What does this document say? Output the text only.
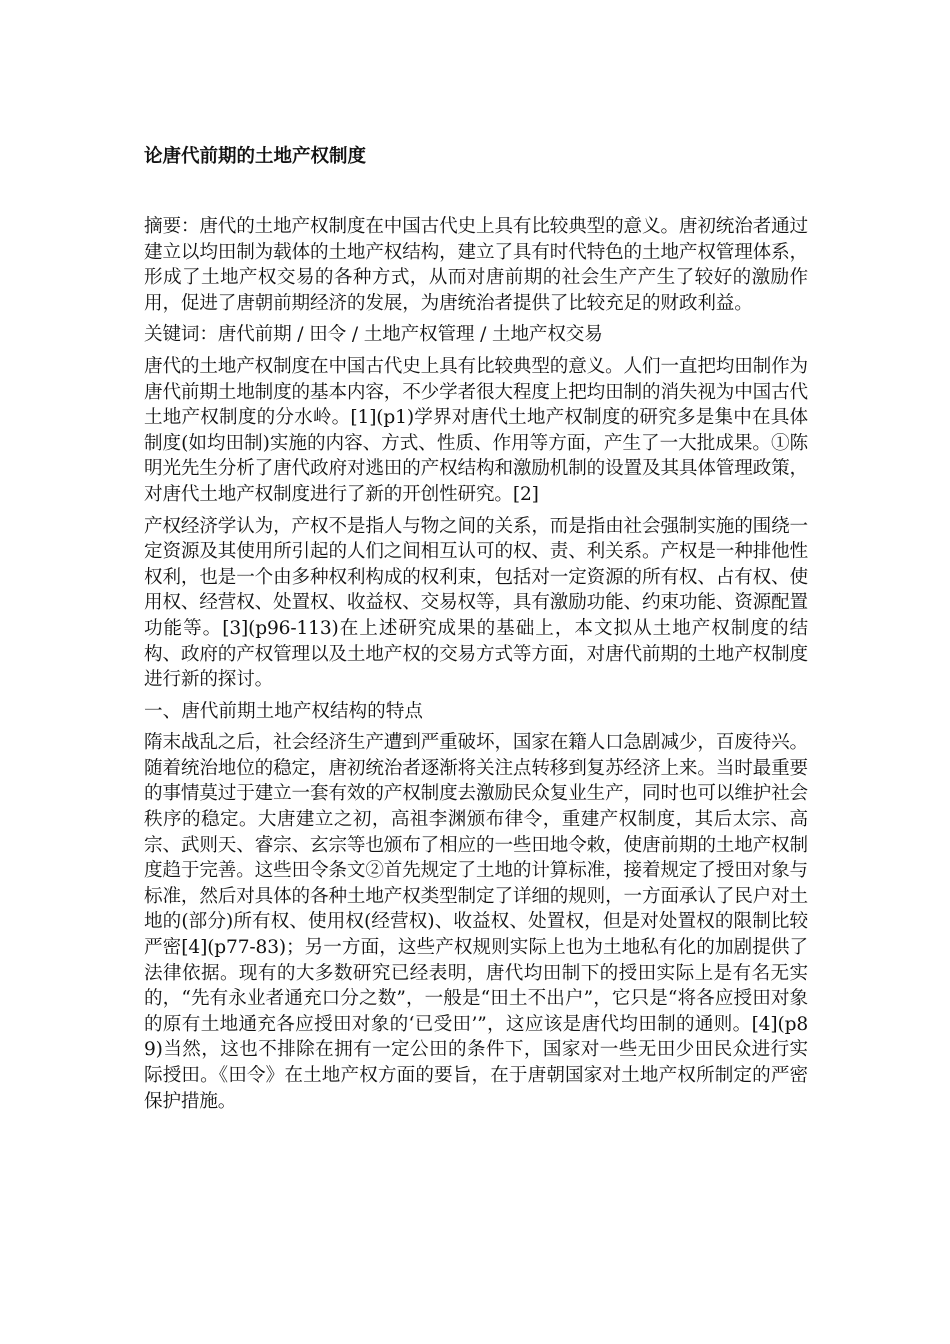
论唐代前期的土地产权制度

摘要：唐代的土地产权制度在中国古代史上具有比较典型的意义。唐初统治者通过建立以均田制为载体的土地产权结构，建立了具有时代特色的土地产权管理体系，形成了土地产权交易的各种方式，从而对唐前期的社会生产产生了较好的激励作用，促进了唐朝前期经济的发展，为唐统治者提供了比较充足的财政利益。

关键词：唐代前期 / 田令 / 土地产权管理 / 土地产权交易

唐代的土地产权制度在中国古代史上具有比较典型的意义。人们一直把均田制作为唐代前期土地制度的基本内容，不少学者很大程度上把均田制的消失视为中国古代土地产权制度的分水岭。[1](p1)学界对唐代土地产权制度的研究多是集中在具体制度(如均田制)实施的内容、方式、性质、作用等方面，产生了一大批成果。①陈明光先生分析了唐代政府对逃田的产权结构和激励机制的设置及其具体管理政策，对唐代土地产权制度进行了新的开创性研究。[2]

产权经济学认为，产权不是指人与物之间的关系，而是指由社会强制实施的围绕一定资源及其使用所引起的人们之间相互认可的权、责、利关系。产权是一种排他性权利，也是一个由多种权利构成的权利束，包括对一定资源的所有权、占有权、使用权、经营权、处置权、收益权、交易权等，具有激励功能、约束功能、资源配置功能等。[3](p96-113)在上述研究成果的基础上，本文拟从土地产权制度的结构、政府的产权管理以及土地产权的交易方式等方面，对唐代前期的土地产权制度进行新的探讨。

一、唐代前期土地产权结构的特点

隋末战乱之后，社会经济生产遭到严重破坏，国家在籍人口急剧减少，百废待兴。随着统治地位的稳定，唐初统治者逐渐将关注点转移到复苏经济上来。当时最重要的事情莫过于建立一套有效的产权制度去激励民众复业生产，同时也可以维护社会秩序的稳定。大唐建立之初，高祖李渊颁布律令，重建产权制度，其后太宗、高宗、武则天、睿宗、玄宗等也颁布了相应的一些田地令敕，使唐前期的土地产权制度趋于完善。这些田令条文②首先规定了土地的计算标准，接着规定了授田对象与标准，然后对具体的各种土地产权类型制定了详细的规则，一方面承认了民户对土地的(部分)所有权、使用权(经营权)、收益权、处置权，但是对处置权的限制比较严密[4](p77-83)；另一方面，这些产权规则实际上也为土地私有化的加剧提供了法律依据。现有的大多数研究已经表明，唐代均田制下的授田实际上是有名无实的，“先有永业者通充口分之数”，一般是“田土不出户”，它只是“将各应授田对象的原有土地通充各应授田对象的‘已受田’”，这应该是唐代均田制的通则。[4](p89)当然，这也不排除在拥有一定公田的条件下，国家对一些无田少田民众进行实际授田。《田令》在土地产权方面的要旨，在于唐朝国家对土地产权所制定的严密保护措施。
